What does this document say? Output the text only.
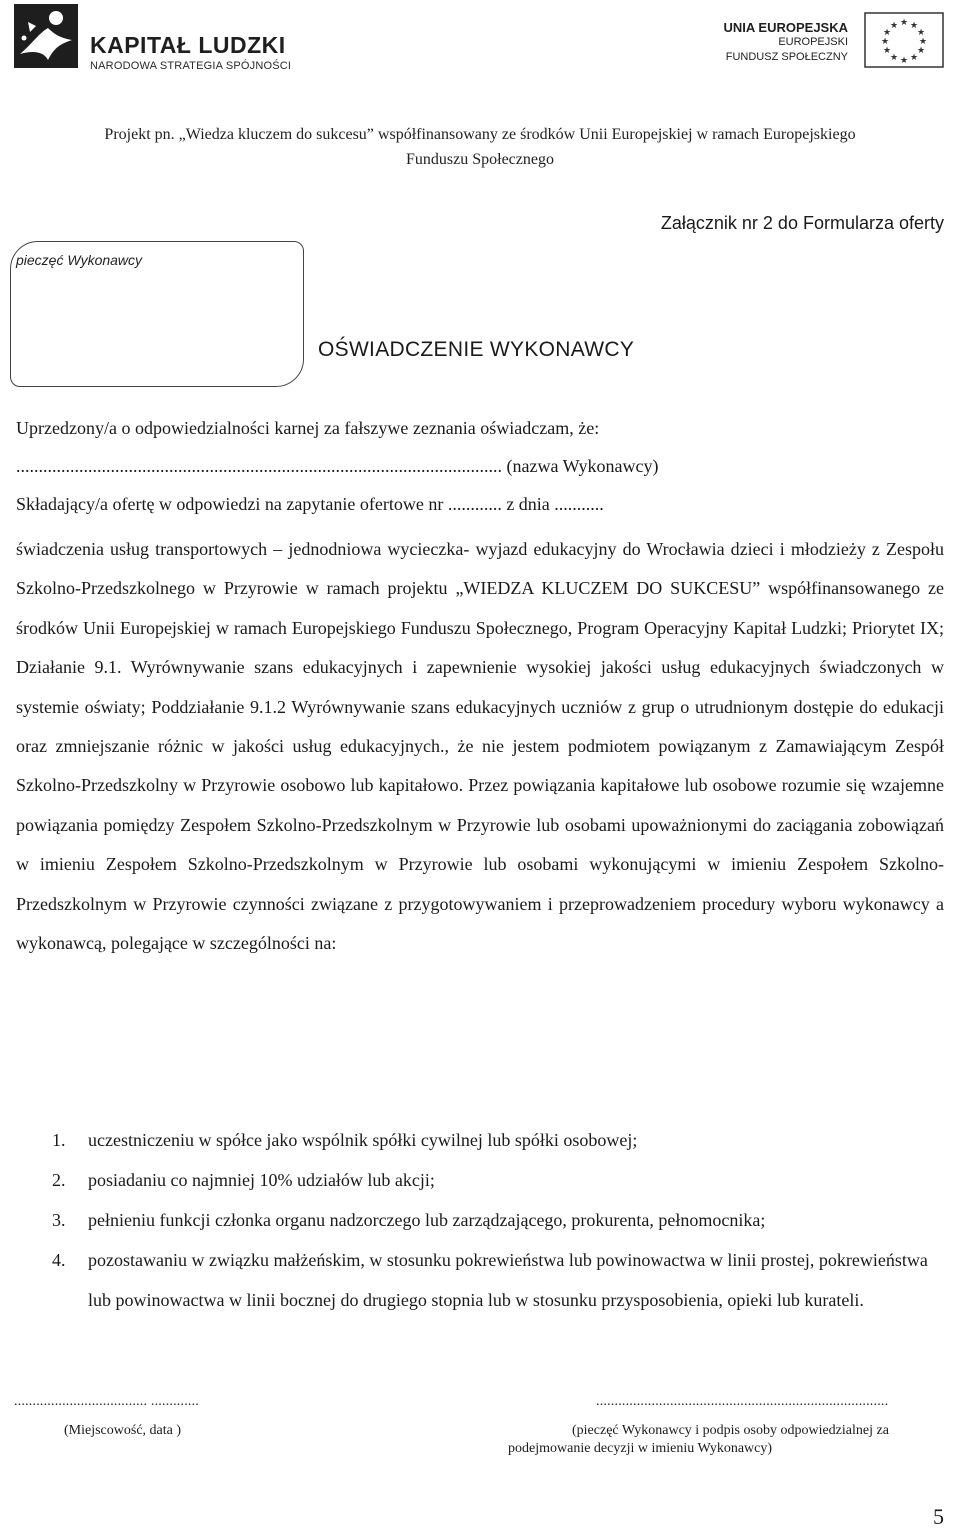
KAPITAŁ LUDZKI
NARODOWA STRATEGIA SPÓJNOŚCI
UNIA EUROPEJSKA
EUROPEJSKI
FUNDUSZ SPOŁECZNY
★ ★
★
★
★
★
★
★
★
★
★
★
Projekt pn. „Wiedza kluczem do sukcesu” współfinansowany ze środków Unii Europejskiej w ramach Europejskiego
Funduszu Społecznego
Załącznik nr 2 do Formularza oferty
pieczęć Wykonawcy
OŚWIADCZENIE WYKONAWCY
Uprzedzony/a o odpowiedzialności karnej za fałszywe zeznania oświadczam, że:
............................................................................................................ (nazwa Wykonawcy)
Składający/a ofertę w odpowiedzi na zapytanie ofertowe nr ............ z dnia ...........
świadczenia usług transportowych – jednodniowa wycieczka- wyjazd edukacyjny do Wrocławia dzieci i młodzieży z Zespołu Szkolno-Przedszkolnego w Przyrowie w ramach projektu „WIEDZA KLUCZEM DO SUKCESU” współfinansowanego ze środków Unii Europejskiej w ramach Europejskiego Funduszu Społecznego, Program Operacyjny Kapitał Ludzki; Priorytet IX; Działanie 9.1. Wyrównywanie szans edukacyjnych i zapewnienie wysokiej jakości usług edukacyjnych świadczonych w systemie oświaty; Poddziałanie 9.1.2 Wyrównywanie szans edukacyjnych uczniów z grup o utrudnionym dostępie do edukacji oraz zmniejszanie różnic w jakości usług edukacyjnych., że nie jestem podmiotem powiązanym z Zamawiającym Zespół Szkolno-Przedszkolny w Przyrowie osobowo lub kapitałowo. Przez powiązania kapitałowe lub osobowe rozumie się wzajemne powiązania pomiędzy Zespołem Szkolno-Przedszkolnym w Przyrowie lub osobami upoważnionymi do zaciągania zobowiązań w imieniu Zespołem Szkolno-Przedszkolnym w Przyrowie lub osobami wykonującymi w imieniu Zespołem Szkolno-Przedszkolnym w Przyrowie czynności związane z przygotowywaniem i przeprowadzeniem procedury wyboru wykonawcy a wykonawcą, polegające w szczególności na:
1.	uczestniczeniu w spółce jako wspólnik spółki cywilnej lub spółki osobowej;
2.	posiadaniu co najmniej 10% udziałów lub akcji;
3.	pełnieniu funkcji członka organu nadzorczego lub zarządzającego, prokurenta, pełnomocnika;
4.	pozostawaniu w związku małżeńskim, w stosunku pokrewieństwa lub powinowactwa w linii prostej, pokrewieństwa lub powinowactwa w linii bocznej do drugiego stopnia lub w stosunku przysposobienia, opieki lub kurateli.
.................................... .............	...............................................................................
(Miejscowość, data )	(pieczęć Wykonawcy i podpis osoby odpowiedzialnej za
podejmowanie decyzji w imieniu Wykonawcy)
5
